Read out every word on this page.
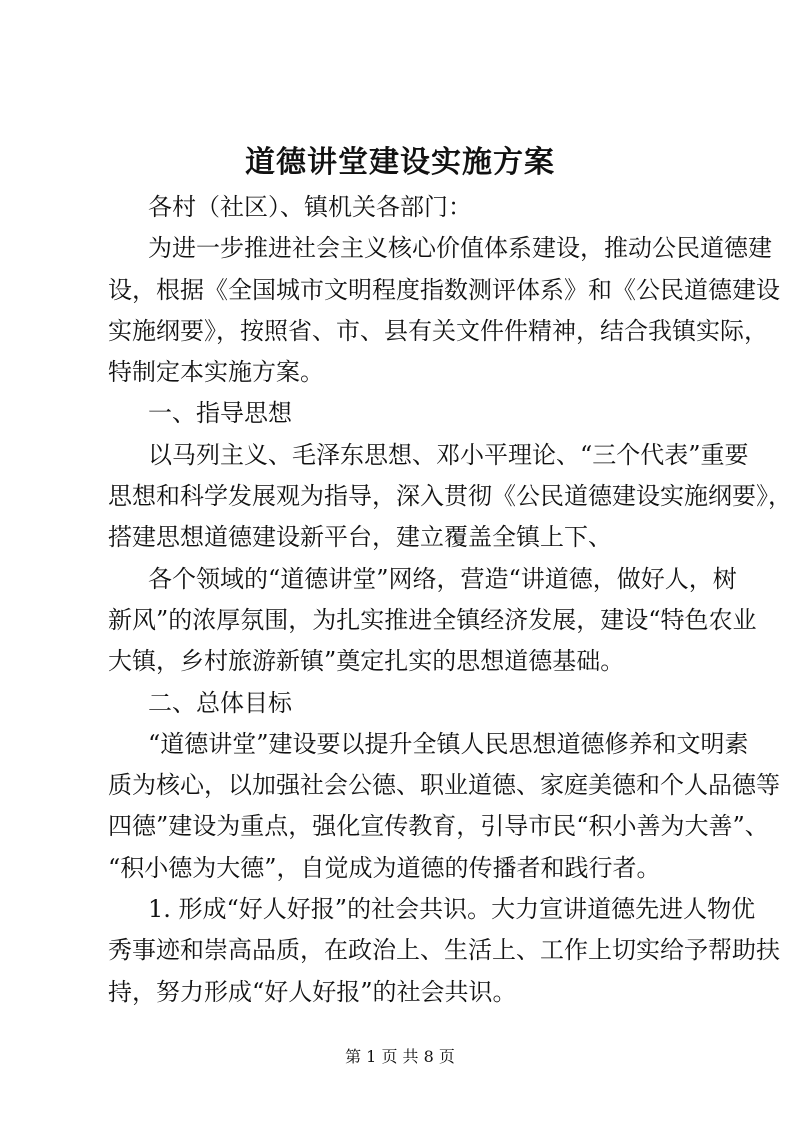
道德讲堂建设实施方案
各村（社区）、镇机关各部门：
为进一步推进社会主义核心价值体系建设，推动公民道德建
设，根据《全国城市文明程度指数测评体系》和《公民道德建设
实施纲要》，按照省、市、县有关文件件精神，结合我镇实际，
特制定本实施方案。
一、指导思想
以马列主义、毛泽东思想、邓小平理论、“三个代表”重要
思想和科学发展观为指导，深入贯彻《公民道德建设实施纲要》，
搭建思想道德建设新平台，建立覆盖全镇上下、
各个领域的“道德讲堂”网络，营造“讲道德，做好人，树
新风”的浓厚氛围，为扎实推进全镇经济发展，建设“特色农业
大镇，乡村旅游新镇”奠定扎实的思想道德基础。
二、总体目标
“道德讲堂”建设要以提升全镇人民思想道德修养和文明素
质为核心，以加强社会公德、职业道德、家庭美德和个人品德等
四德”建设为重点，强化宣传教育，引导市民“积小善为大善”、
“积小德为大德”，自觉成为道德的传播者和践行者。
1. 形成“好人好报”的社会共识。大力宣讲道德先进人物优
秀事迹和崇高品质，在政治上、生活上、工作上切实给予帮助扶
持，努力形成“好人好报”的社会共识。
第 1 页 共 8 页
